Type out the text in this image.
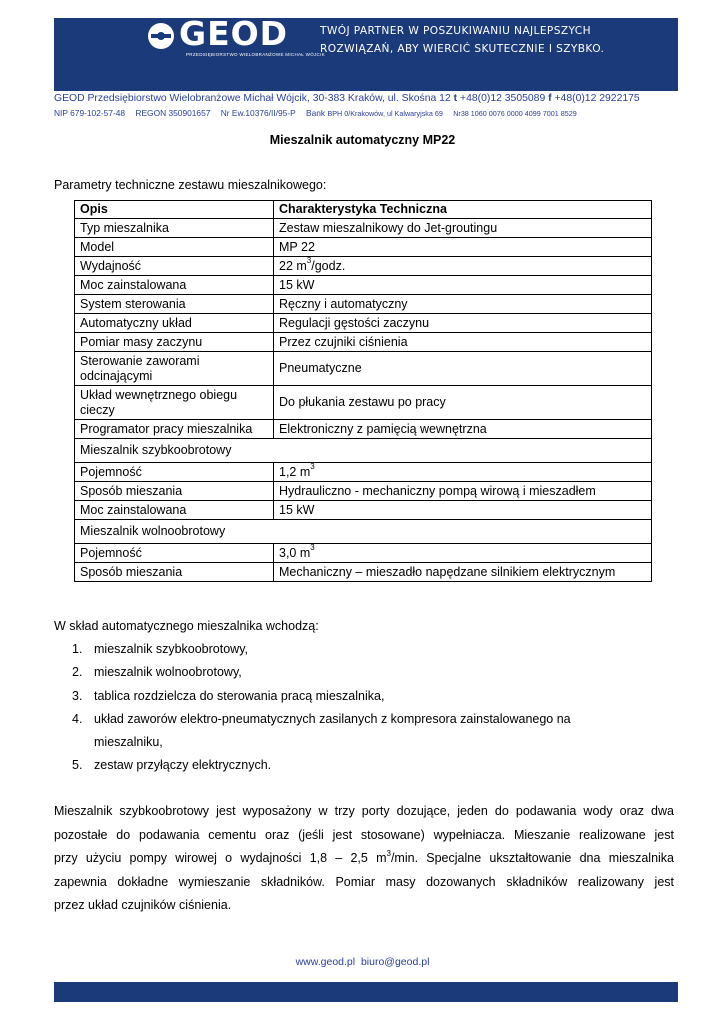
GEOD
PRZEDSIĘBIORSTWO WIELOBRANŻOWE MICHAŁ WÓJCIK
TWÓJ PARTNER W POSZUKIWANIU NAJLEPSZYCH
ROZWIĄZAŃ, ABY WIERCIĆ SKUTECZNIE I SZYBKO.
GEOD Przedsiębiorstwo Wielobranżowe Michał Wójcik, 30-383 Kraków, ul. Skośna 12 t +48(0)12 3505089 f +48(0)12 2922175
NIP 679-102-57-48 REGON 350901657 Nr Ew.10376/II/95-P Bank BPH 0/Krakowów, ul Kalwaryjska 69 Nr38 1060 0076 0000 4099 7001 8529
Mieszalnik automatyczny MP22
Parametry techniczne zestawu mieszalnikowego:
Opis	Charakterystyka Techniczna
Typ mieszalnika	Zestaw mieszalnikowy do Jet-groutingu
Model	MP 22
Wydajność	22 $m^3$/godz.
Moc zainstalowana	15 kW
System sterowania	Ręczny i automatyczny
Automatyczny układ	Regulacji gęstości zaczynu
Pomiar masy zaczynu	Przez czujniki ciśnienia
Sterowanie zaworami odcinającymi	Pneumatyczne
Układ wewnętrznego obiegu cieczy	Do płukania zestawu po pracy
Programator pracy mieszalnika	Elektroniczny z pamięcią wewnętrzna
Mieszalnik szybkoobrotowy	
Pojemność	1,2 $m^3$
Sposób mieszania	Hydrauliczno - mechaniczny pompą wirową i mieszadłem
Moc zainstalowana	15 kW
Mieszalnik wolnoobrotowy	
Pojemność	3,0 $m^3$
Sposób mieszania	Mechaniczny – mieszadło napędzane silnikiem elektrycznym
W skład automatycznego mieszalnika wchodzą:
1. mieszalnik szybkoobrotowy,
2. mieszalnik wolnoobrotowy,
3. tablica rozdzielcza do sterowania pracą mieszalnika,
4. układ zaworów elektro-pneumatycznych zasilanych z kompresora zainstalowanego na
mieszalniku,
5. zestaw przyłączy elektrycznych.
Mieszalnik szybkoobrotowy jest wyposażony w trzy porty dozujące, jeden do podawania wody oraz dwa
pozostałe do podawania cementu oraz (jeśli jest stosowane) wypełniacza. Mieszanie realizowane jest
przy użyciu pompy wirowej o wydajności 1,8 – 2,5 $m^3/\min$. Specjalne ukształtowanie dna mieszalnika
zapewnia dokładne wymieszanie składników. Pomiar masy dozowanych składników realizowany jest
przez układ czujników ciśnienia.
www.geod.pl biuro@geod.pl
